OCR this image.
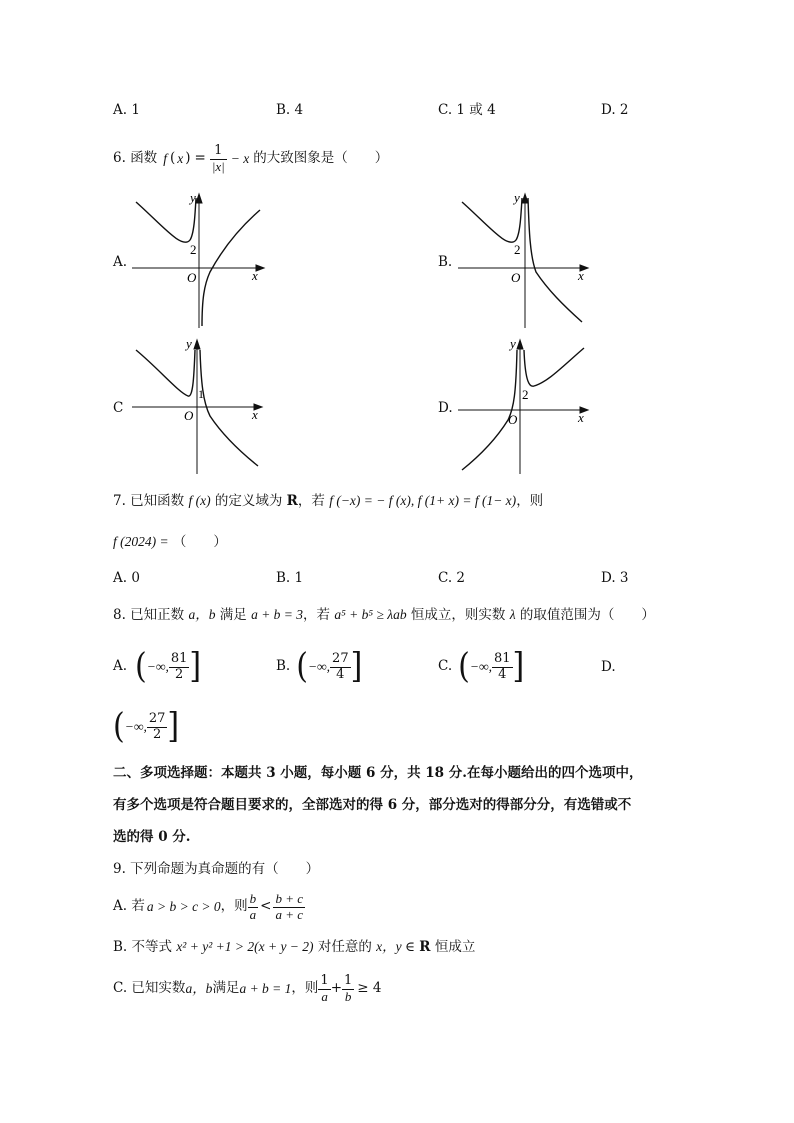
A. 1	B. 4	C. 1 或 4	D. 2
6.
函数 f ( x ) = $\frac{1}{|x|} - x$ 的大致图象是（　　）
A.	B.
C	D.
2
O	x
y
2
O	x
y
1
O	x
y
2
O	x
y
7. 已知函数 f (x) 的定义域为 R，若 f (−x) = − f (x), f (1+ x) = f (1− x)，则
f (2024) = （　　）
A. 0	B. 1	C. 2	D. 3
8. 已知正数 a，b 满足 a + b = 3，若 a⁵ + b⁵ ≥ λab 恒成立，则实数 λ 的取值范围为（　　）
A. ( −∞, $\frac{81}{2}$ ]	B. ( −∞, $\frac{27}{4}$ ]	C. ( −∞, $\frac{81}{4}$ ]	D.
( −∞, $\frac{27}{2}$ ]
二、多项选择题：本题共 3 小题，每小题 6 分，共 18 分.在每小题给出的四个选项中，
有多个选项是符合题目要求的，全部选对的得 6 分，部分选对的得部分分，有选错或不
选的得 0 分.
9. 下列命题为真命题的有（　　）
A. 若 a > b > c > 0 ，则 $\frac{b}{a} < \frac{b + c}{a + c}$
B. 不等式 x² + y² +1 > 2(x + y − 2) 对任意的 x，y ∈ R 恒成立
C. 已知实数 a，b 满足 a + b = 1 ，则 $\frac{1}{a} + \frac{1}{b} \ge 4$
